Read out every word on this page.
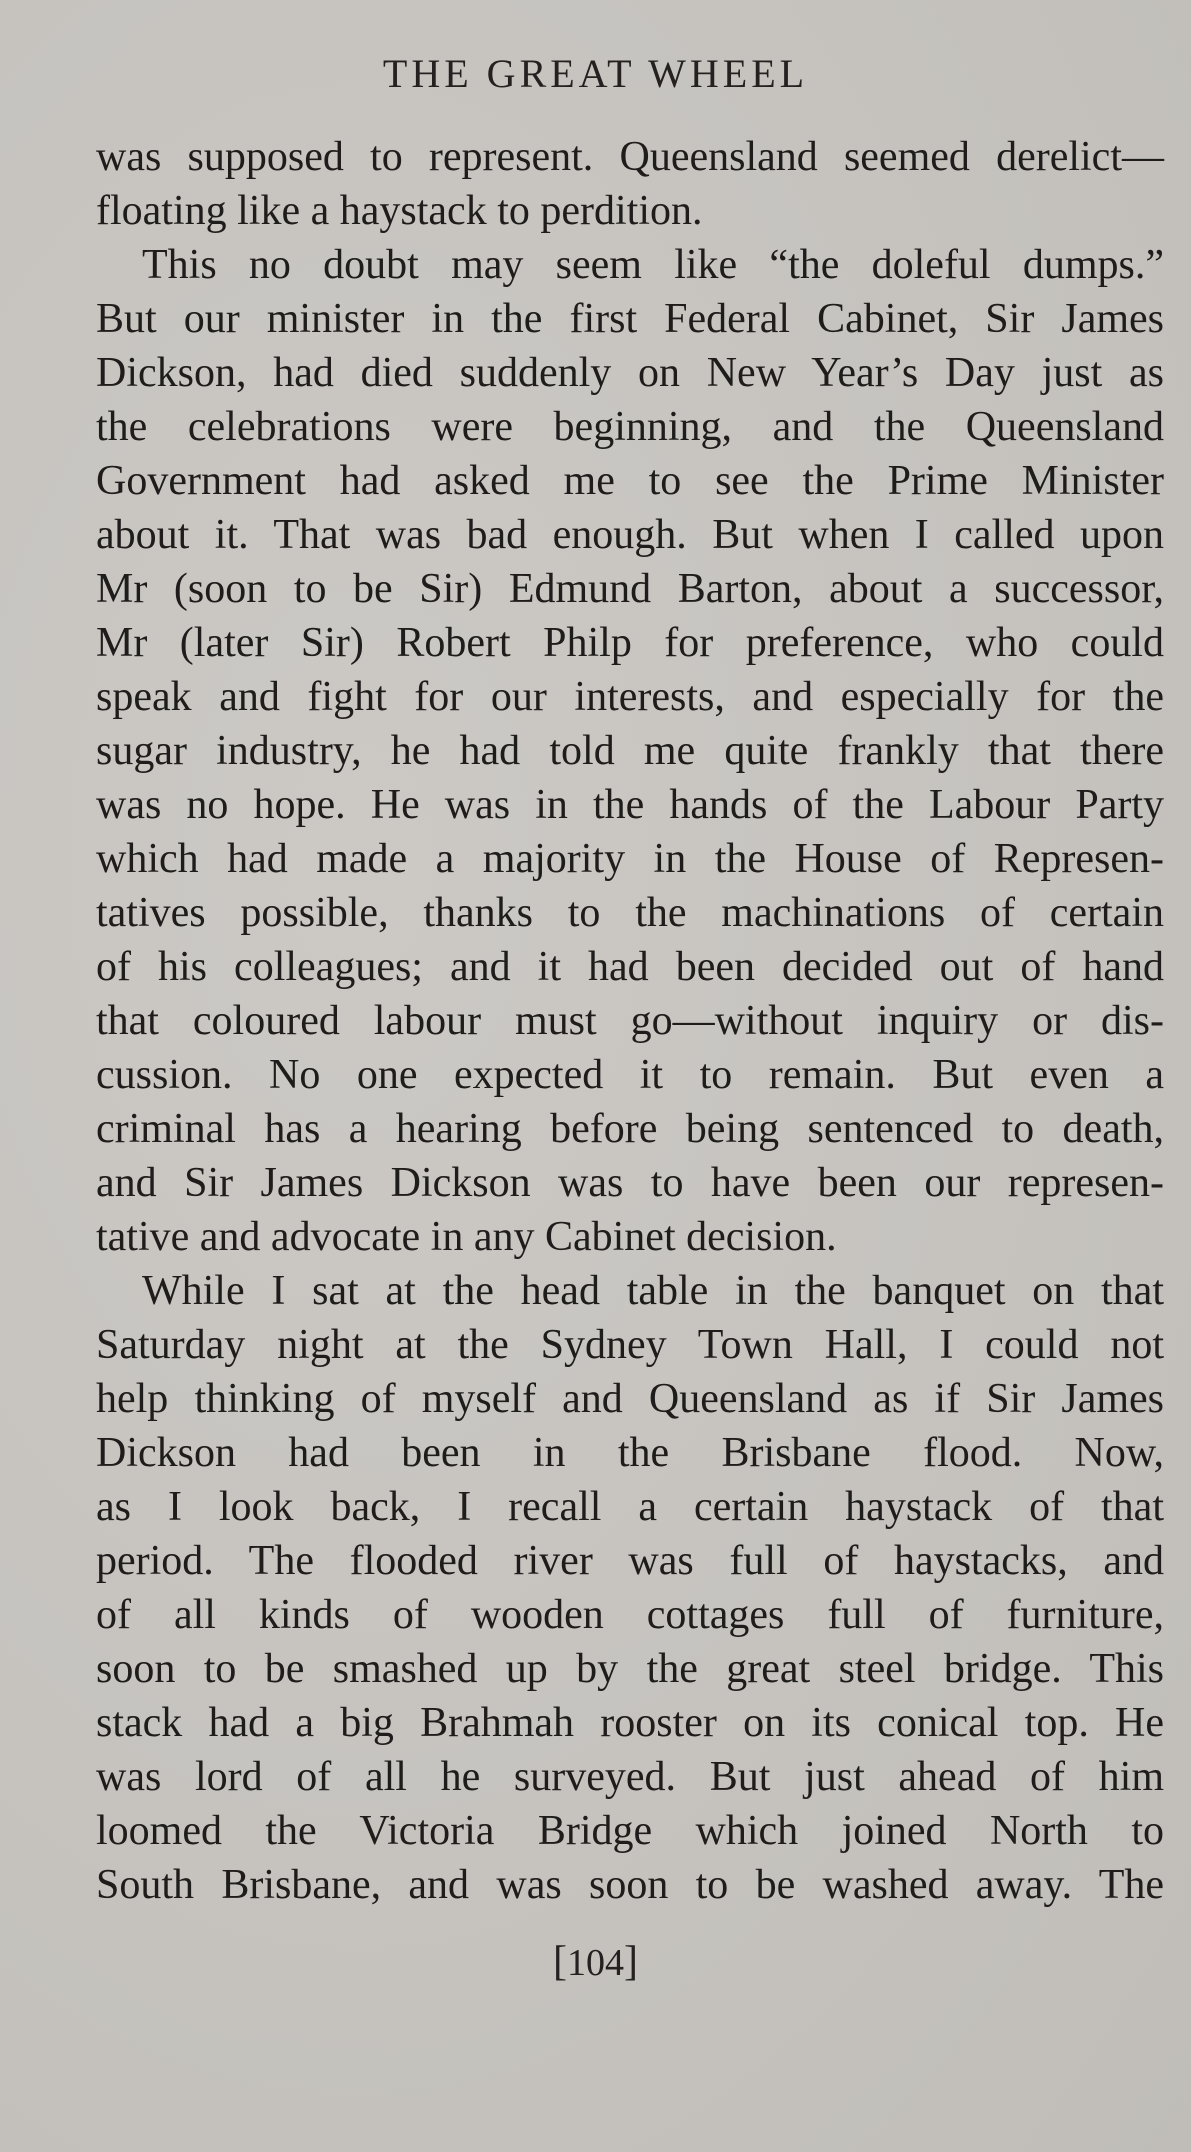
THE GREAT WHEEL
was supposed to represent. Queensland seemed derelict—
floating like a haystack to perdition.
This no doubt may seem like “the doleful dumps.”
But our minister in the first Federal Cabinet, Sir James
Dickson, had died suddenly on New Year’s Day just as
the celebrations were beginning, and the Queensland
Government had asked me to see the Prime Minister
about it. That was bad enough. But when I called upon
Mr (soon to be Sir) Edmund Barton, about a successor,
Mr (later Sir) Robert Philp for preference, who could
speak and fight for our interests, and especially for the
sugar industry, he had told me quite frankly that there
was no hope. He was in the hands of the Labour Party
which had made a majority in the House of Represen-
tatives possible, thanks to the machinations of certain
of his colleagues; and it had been decided out of hand
that coloured labour must go—without inquiry or dis-
cussion. No one expected it to remain. But even a
criminal has a hearing before being sentenced to death,
and Sir James Dickson was to have been our represen-
tative and advocate in any Cabinet decision.
While I sat at the head table in the banquet on that
Saturday night at the Sydney Town Hall, I could not
help thinking of myself and Queensland as if Sir James
Dickson had been in the Brisbane flood. Now,
as I look back, I recall a certain haystack of that
period. The flooded river was full of haystacks, and
of all kinds of wooden cottages full of furniture,
soon to be smashed up by the great steel bridge. This
stack had a big Brahmah rooster on its conical top. He
was lord of all he surveyed. But just ahead of him
loomed the Victoria Bridge which joined North to
South Brisbane, and was soon to be washed away. The
[104]
